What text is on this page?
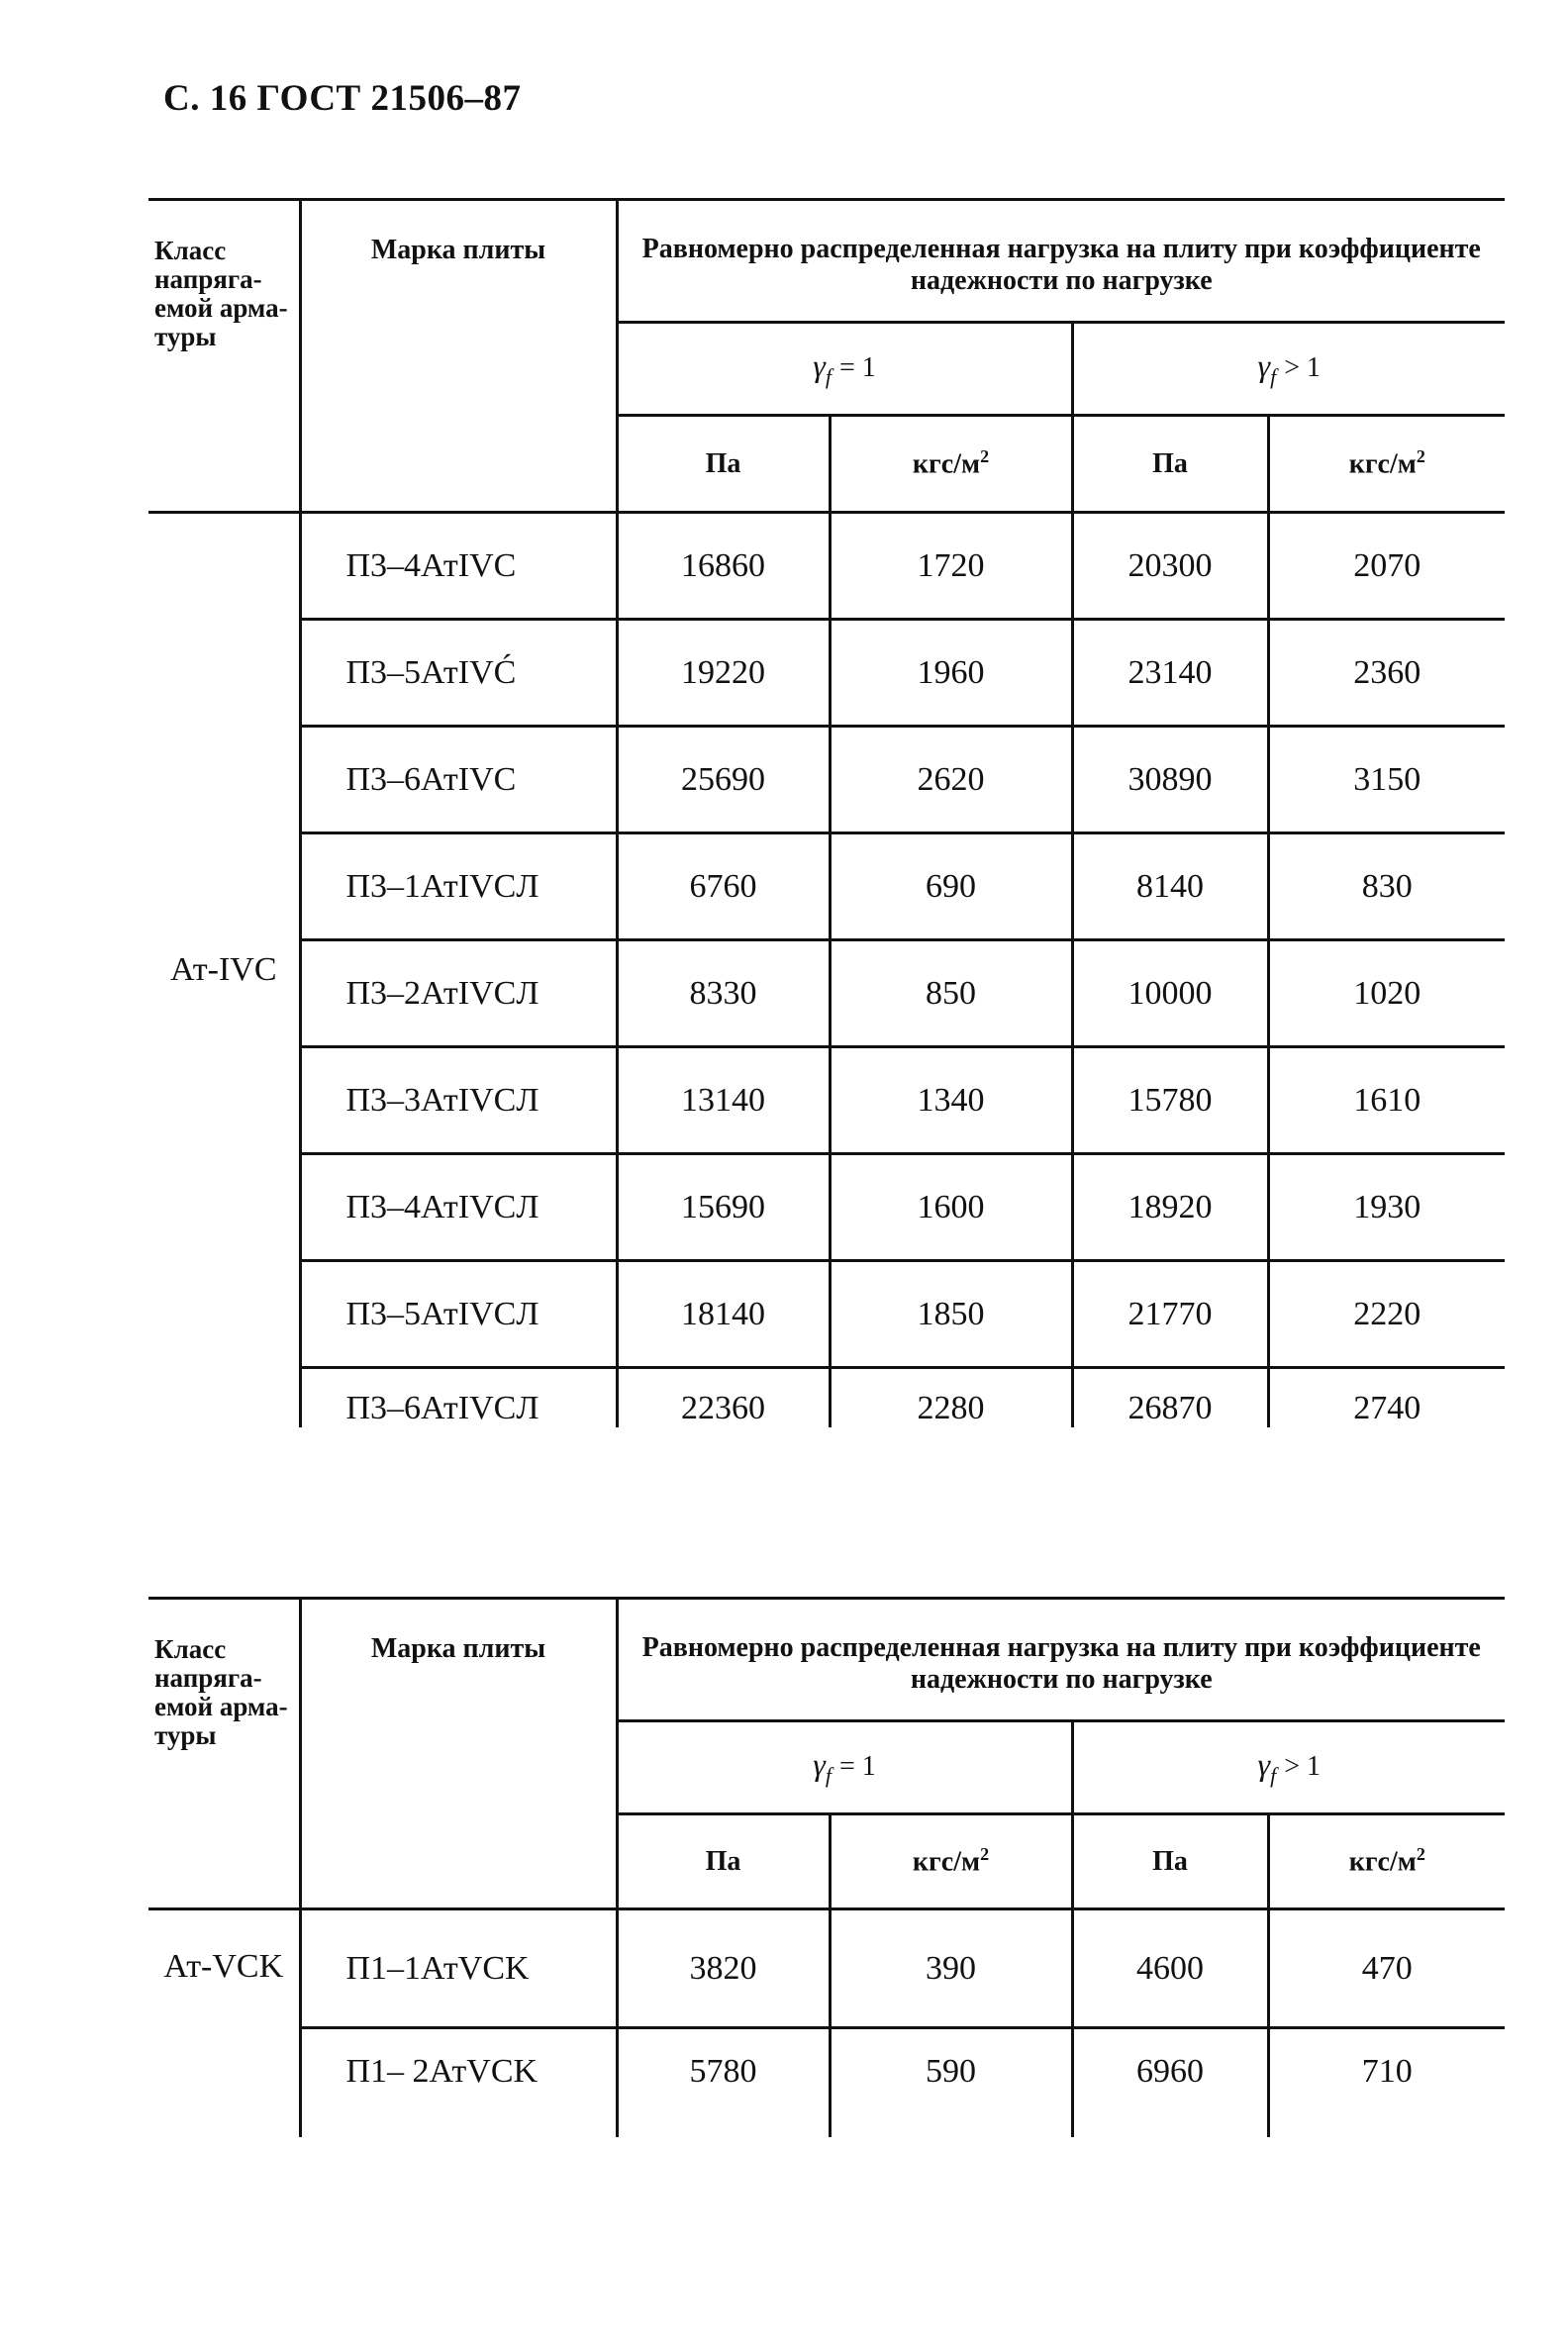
С. 16 ГОСТ 21506–87
Класс напряга-емой арма-туры	Марка плиты	Равномерно распределенная нагрузка на плиту при коэффициенте надежности по нагрузке			
		$\gamma_f = 1$		$\gamma_f > 1$	
		Па	кгс/$м^2$	Па	кгс/$м^2$
Ат-IVC	П3–4АтIVC	16860	1720	20300	2070
	П3–5АтIVĆ	19220	1960	23140	2360
	П3–6АтIVC	25690	2620	30890	3150
	П3–1АтIVCЛ	6760	690	8140	830
	П3–2АтIVCЛ	8330	850	10000	1020
	П3–3АтIVCЛ	13140	1340	15780	1610
	П3–4АтIVCЛ	15690	1600	18920	1930
	П3–5АтIVCЛ	18140	1850	21770	2220
	П3–6АтIVCЛ	22360	2280	26870	2740
Класс напряга-емой арма-туры	Марка плиты	Равномерно распределенная нагрузка на плиту при коэффициенте надежности по нагрузке			
		$\gamma_f = 1$		$\gamma_f > 1$	
		Па	кгс/$м^2$	Па	кгс/$м^2$
Ат-VCK	П1–1АтVCK	3820	390	4600	470
	П1– 2АтVCK	5780	590	6960	710
